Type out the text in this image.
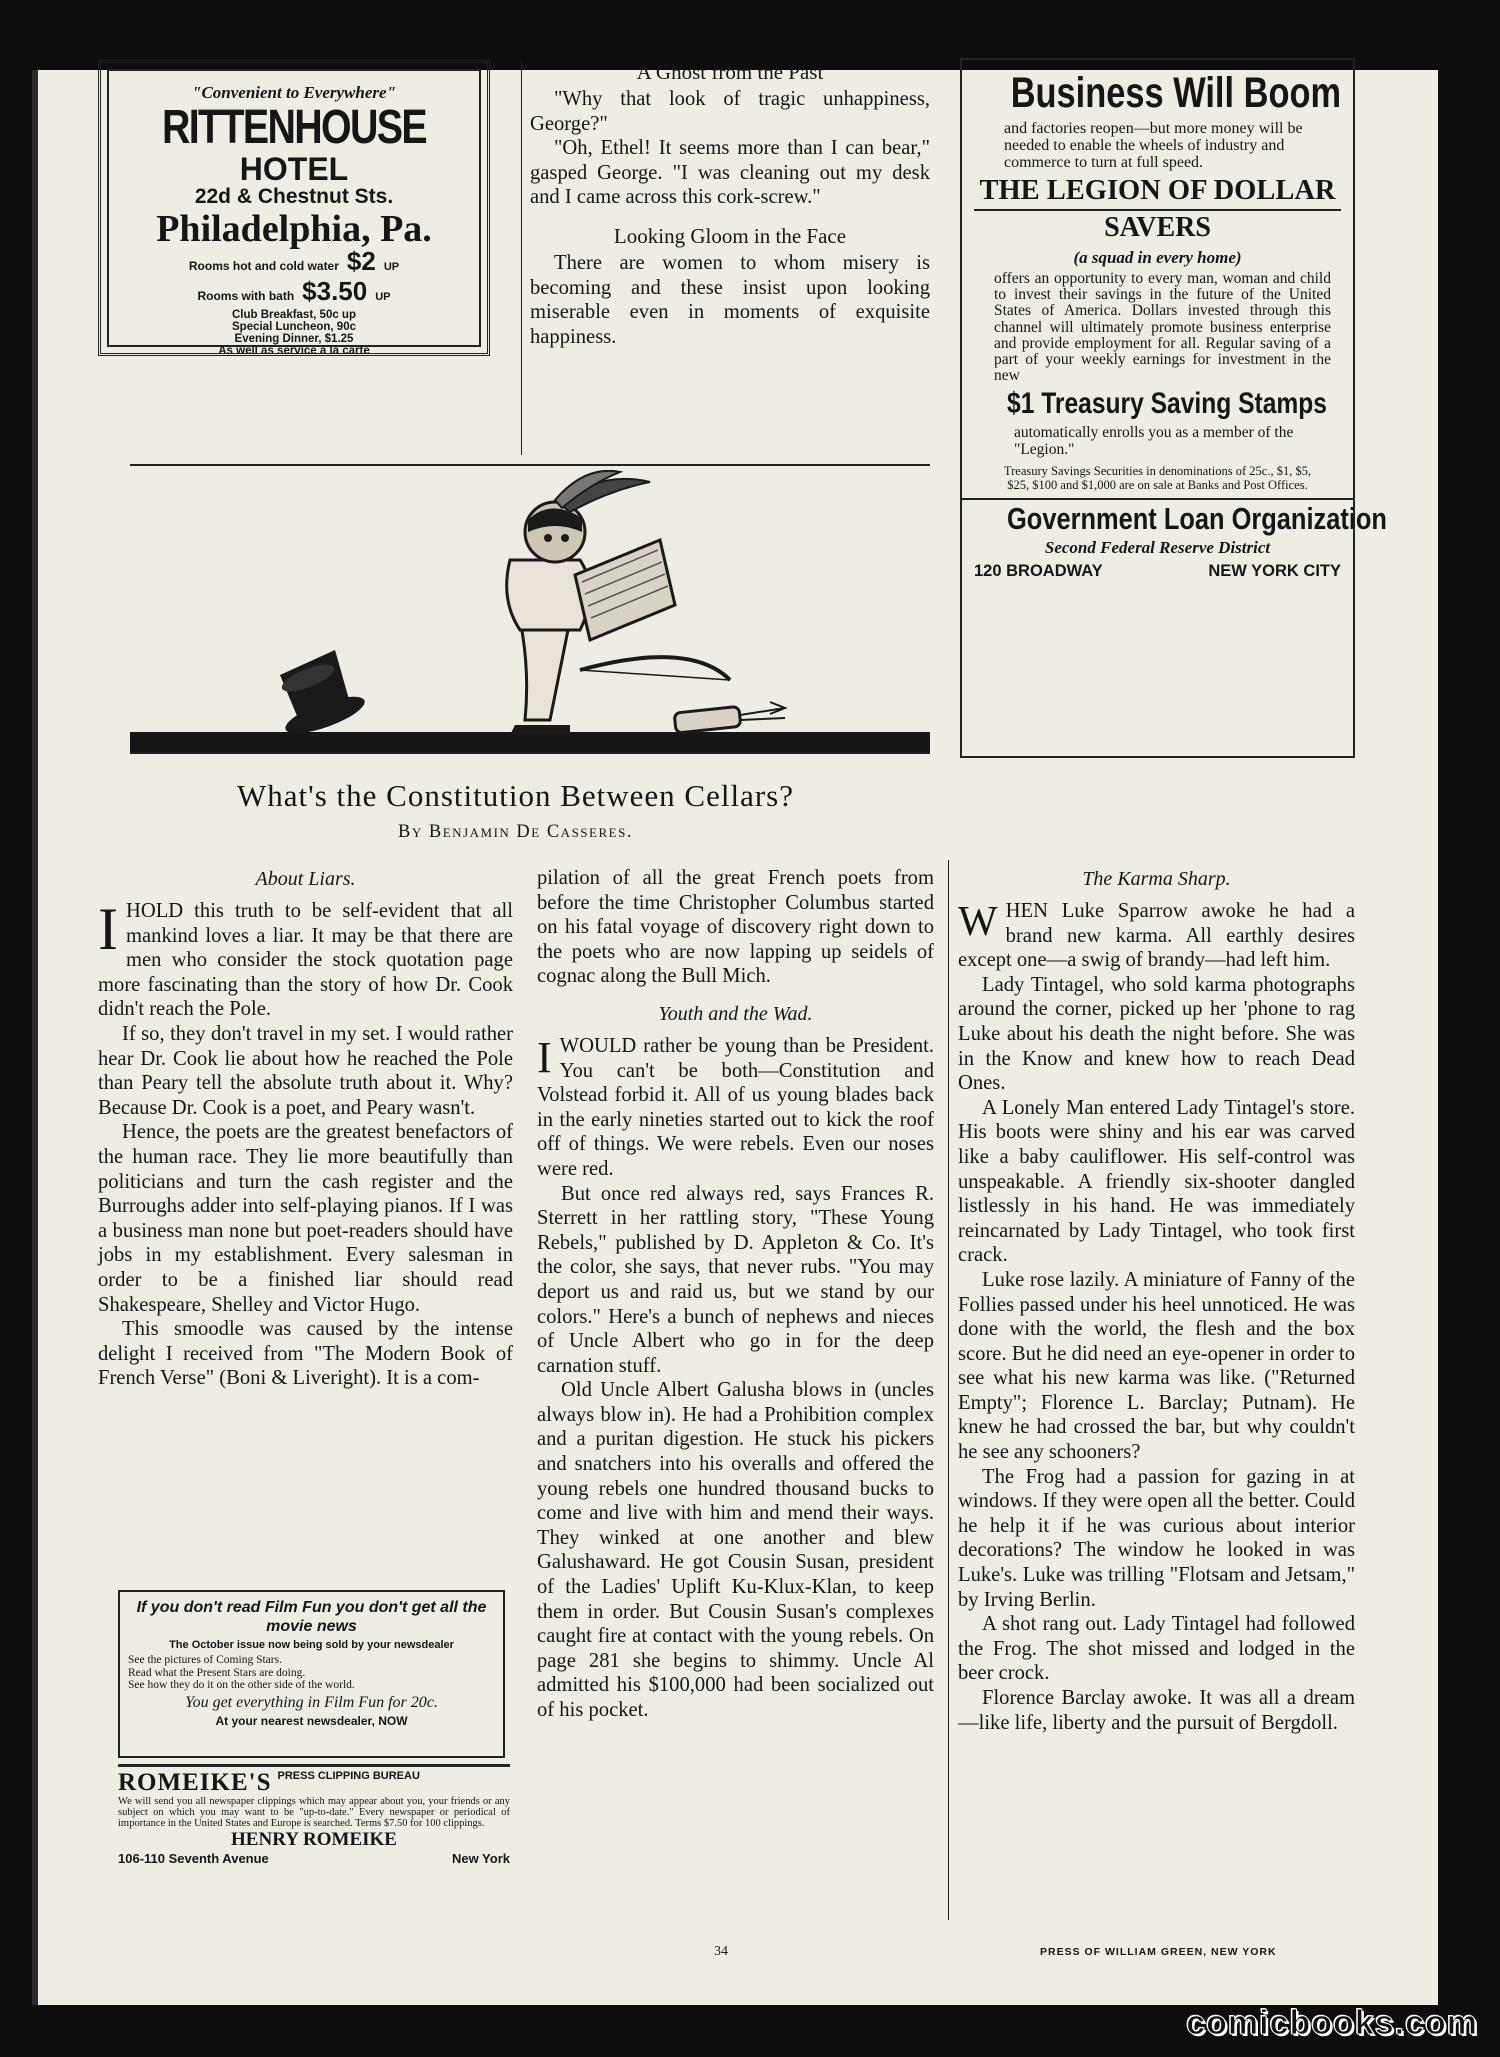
"Convenient to Everywhere"
RITTENHOUSE
HOTEL
22d & Chestnut Sts.
Philadelphia, Pa.
Rooms hot and cold water $2 UP
Rooms with bath $3.50 UP
Club Breakfast, 50c up
Special Luncheon, 90c
Evening Dinner, $1.25
As well as service a la carte
A Ghost from the Past

"Why that look of tragic unhappiness, George?"

"Oh, Ethel! It seems more than I can bear," gasped George. "I was cleaning out my desk and I came across this cork-screw."

Looking Gloom in the Face

There are women to whom misery is becoming and these insist upon looking miserable even in moments of exquisite happiness.

Business Will Boom
and factories reopen—but more money will be needed to enable the wheels of industry and commerce to turn at full speed.
THE LEGION OF DOLLAR
SAVERS
(a squad in every home)
offers an opportunity to every man, woman and child to invest their savings in the future of the United States of America. Dollars invested through this channel will ultimately promote business enterprise and provide employment for all. Regular saving of a part of your weekly earnings for investment in the new
$1 Treasury Saving Stamps
automatically enrolls you as a member of the "Legion."
Treasury Savings Securities in denominations of 25c., $1, $5, $25, $100 and $1,000 are on sale at Banks and Post Offices.
Government Loan Organization
Second Federal Reserve District
120 BROADWAY	NEW YORK CITY
What's the Constitution Between Cellars?
By Benjamin De Casseres.
About Liars.

IHOLD this truth to be self-evident that all mankind loves a liar. It may be that there are men who consider the stock quotation page more fascinating than the story of how Dr. Cook didn't reach the Pole.

If so, they don't travel in my set. I would rather hear Dr. Cook lie about how he reached the Pole than Peary tell the absolute truth about it. Why? Because Dr. Cook is a poet, and Peary wasn't.

Hence, the poets are the greatest benefactors of the human race. They lie more beautifully than politicians and turn the cash register and the Burroughs adder into self-playing pianos. If I was a business man none but poet-readers should have jobs in my establishment. Every salesman in order to be a finished liar should read Shakespeare, Shelley and Victor Hugo.

This smoodle was caused by the intense delight I received from "The Modern Book of French Verse" (Boni & Liveright). It is a com-

If you don't read Film Fun you don't get all the movie news
The October issue now being sold by your newsdealer
See the pictures of Coming Stars.
Read what the Present Stars are doing.
See how they do it on the other side of the world.
You get everything in Film Fun for 20c.
At your nearest newsdealer, NOW
ROMEIKE'S PRESS CLIPPING BUREAU
We will send you all newspaper clippings which may appear about you, your friends or any subject on which you may want to be "up-to-date." Every newspaper or periodical of importance in the United States and Europe is searched. Terms $7.50 for 100 clippings.
HENRY ROMEIKE
106-110 Seventh Avenue	New York

pilation of all the great French poets from before the time Christopher Columbus started on his fatal voyage of discovery right down to the poets who are now lapping up seidels of cognac along the Bull Mich.

Youth and the Wad.

IWOULD rather be young than be President. You can't be both—Constitution and Volstead forbid it. All of us young blades back in the early nineties started out to kick the roof off of things. We were rebels. Even our noses were red.

But once red always red, says Frances R. Sterrett in her rattling story, "These Young Rebels," published by D. Appleton & Co. It's the color, she says, that never rubs. "You may deport us and raid us, but we stand by our colors." Here's a bunch of nephews and nieces of Uncle Albert who go in for the deep carnation stuff.

Old Uncle Albert Galusha blows in (uncles always blow in). He had a Prohibition complex and a puritan digestion. He stuck his pickers and snatchers into his overalls and offered the young rebels one hundred thousand bucks to come and live with him and mend their ways. They winked at one another and blew Galushaward. He got Cousin Susan, president of the Ladies' Uplift Ku-Klux-Klan, to keep them in order. But Cousin Susan's complexes caught fire at contact with the young rebels. On page 281 she begins to shimmy. Uncle Al admitted his $100,000 had been socialized out of his pocket.

The Karma Sharp.

WHEN Luke Sparrow awoke he had a brand new karma. All earthly desires except one—a swig of brandy—had left him.

Lady Tintagel, who sold karma photographs around the corner, picked up her 'phone to rag Luke about his death the night before. She was in the Know and knew how to reach Dead Ones.

A Lonely Man entered Lady Tintagel's store. His boots were shiny and his ear was carved like a baby cauliflower. His self-control was unspeakable. A friendly six-shooter dangled listlessly in his hand. He was immediately reincarnated by Lady Tintagel, who took first crack.

Luke rose lazily. A miniature of Fanny of the Follies passed under his heel unnoticed. He was done with the world, the flesh and the box score. But he did need an eye-opener in order to see what his new karma was like. ("Returned Empty"; Florence L. Barclay; Putnam). He knew he had crossed the bar, but why couldn't he see any schooners?

The Frog had a passion for gazing in at windows. If they were open all the better. Could he help it if he was curious about interior decorations? The window he looked in was Luke's. Luke was trilling "Flotsam and Jetsam," by Irving Berlin.

A shot rang out. Lady Tintagel had followed the Frog. The shot missed and lodged in the beer crock.

Florence Barclay awoke. It was all a dream—like life, liberty and the pursuit of Bergdoll.

34	PRESS OF WILLIAM GREEN, NEW YORK
comicbooks.com
